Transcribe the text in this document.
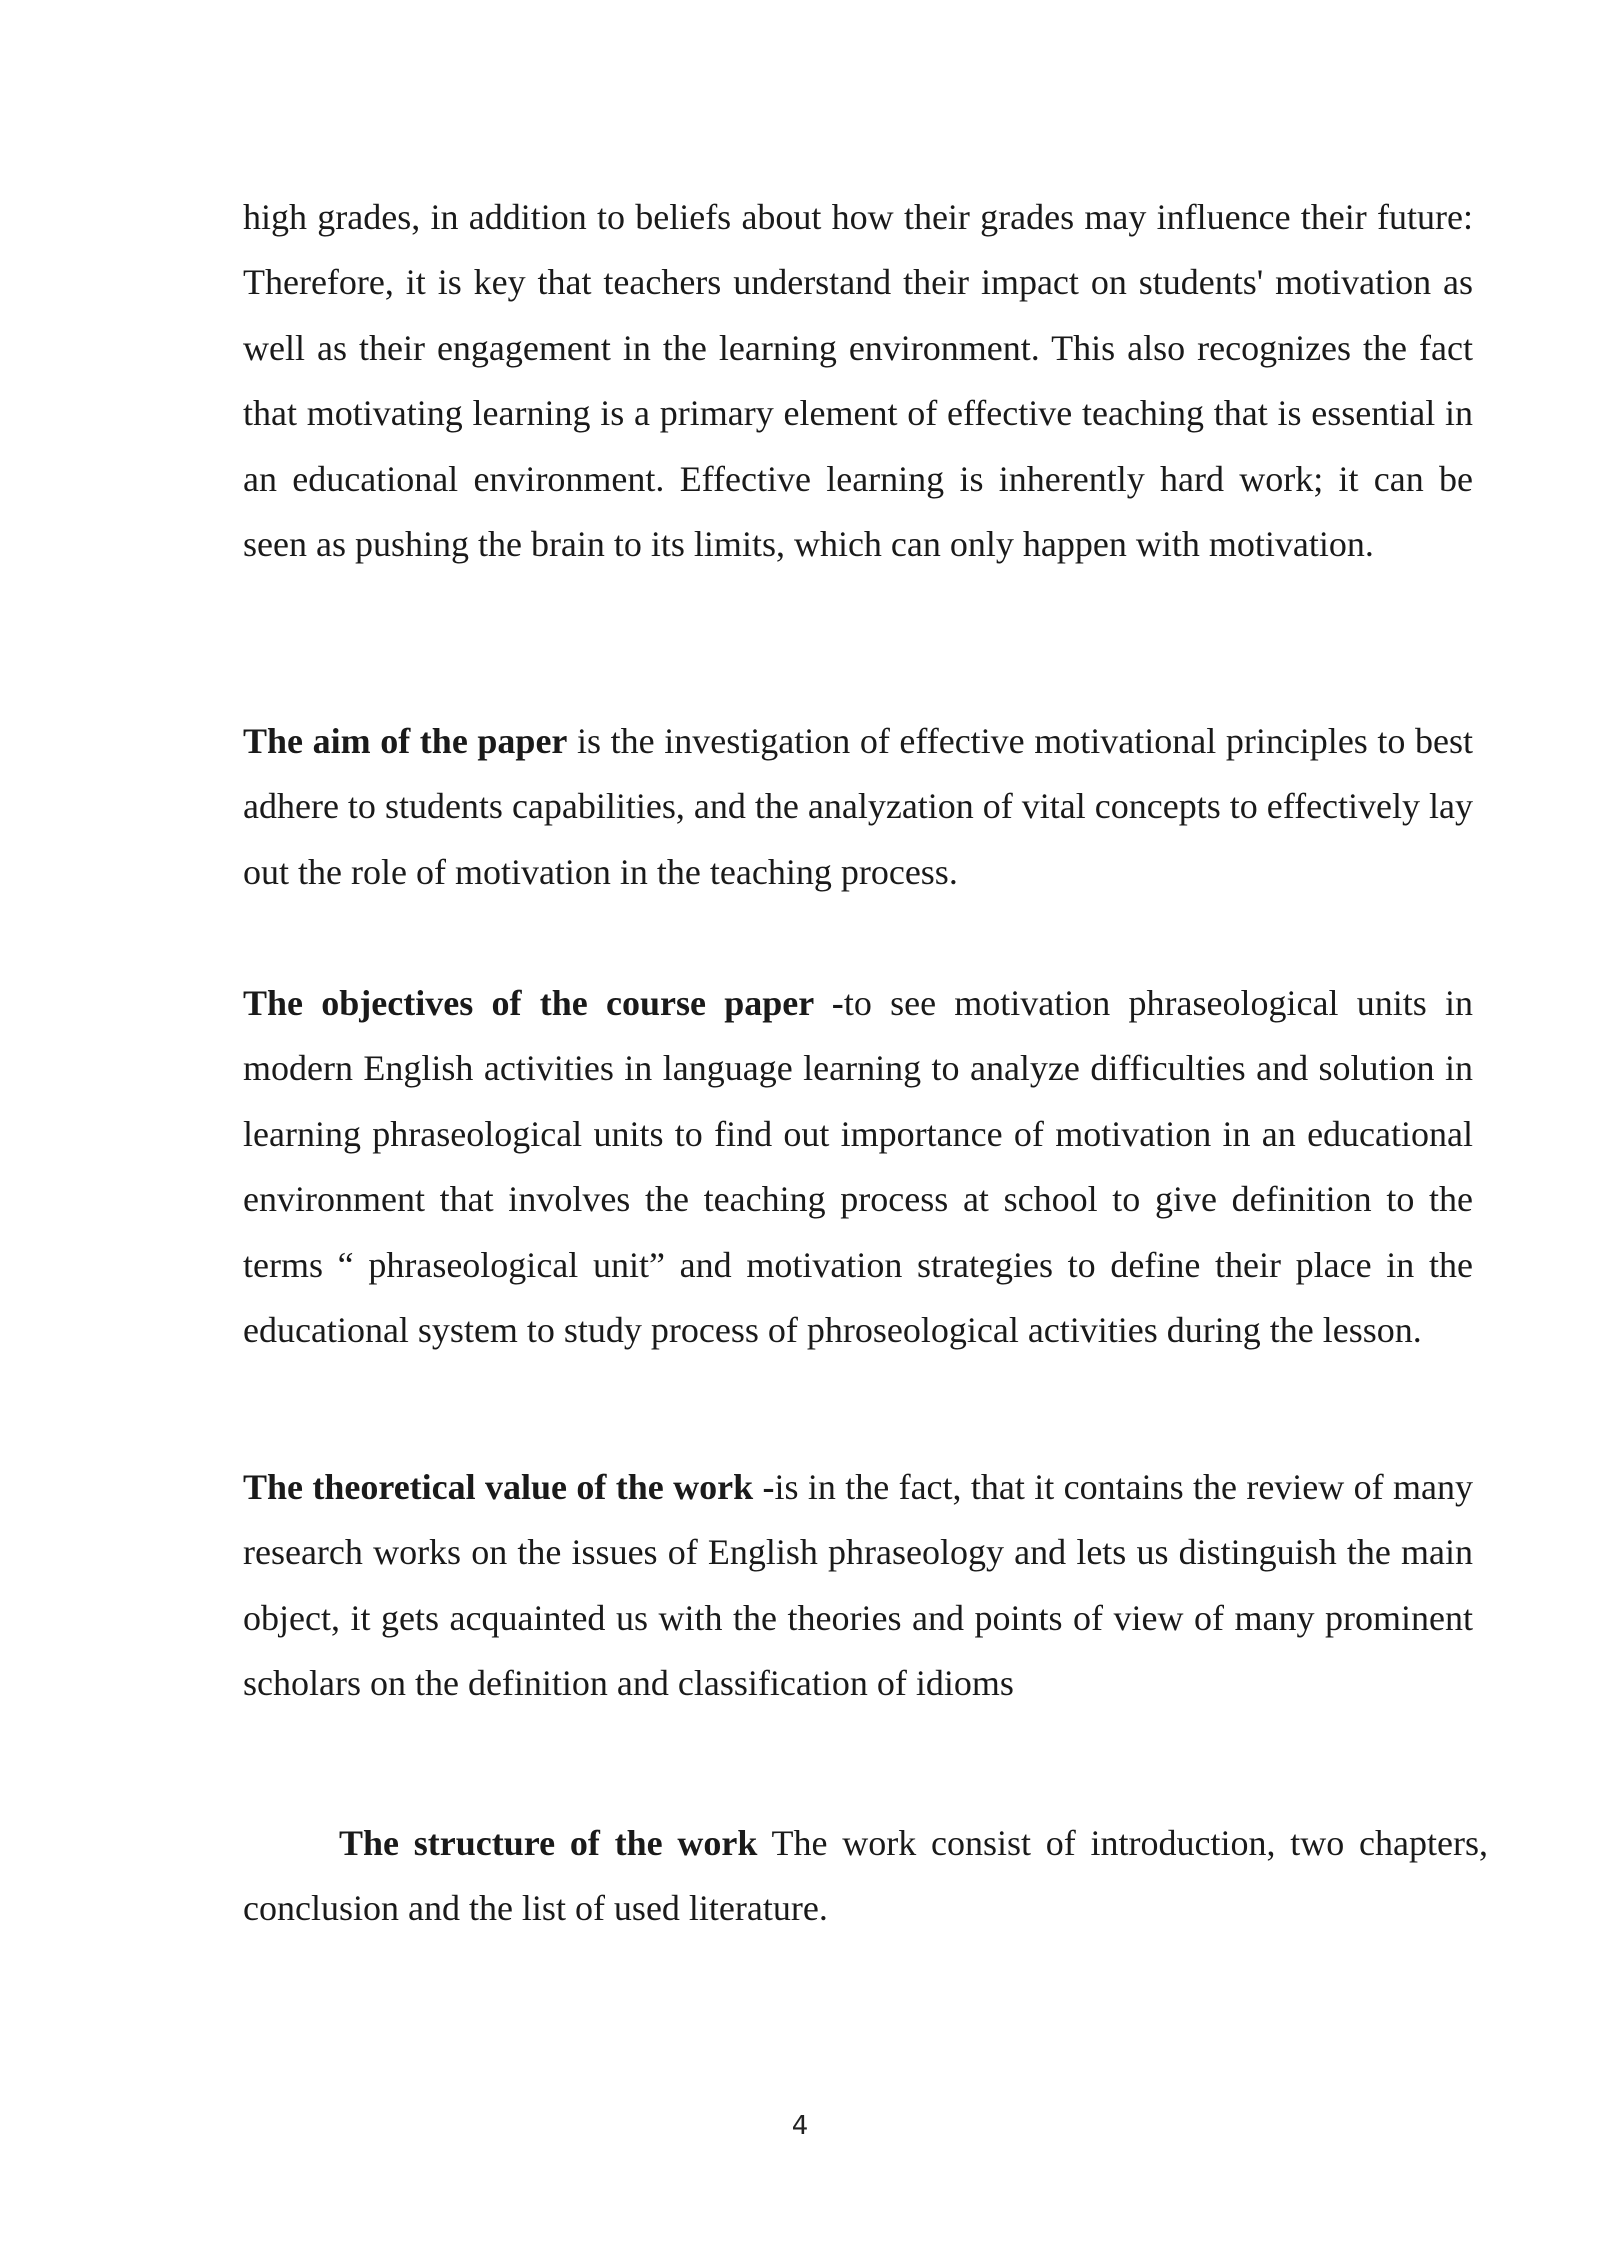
high grades, in addition to beliefs about how their grades may influence their future: Therefore, it is key that teachers understand their impact on students' motivation as well as their engagement in the learning environment. This also recognizes the fact that motivating learning is a primary element of effective teaching that is essential in an educational environment. Effective learning is inherently hard work; it can be seen as pushing the brain to its limits, which can only happen with motivation.

The aim of the paper is the investigation of effective motivational principles to best adhere to students capabilities, and the analyzation of vital concepts to effectively lay out the role of motivation in the teaching process.

The objectives of the course paper -to see motivation phraseological units in modern English activities in language learning to analyze difficulties and solution in learning phraseological units to find out importance of motivation in an educational environment that involves the teaching process at school to give definition to the terms “ phraseological unit” and motivation strategies to define their place in the educational system to study process of phroseological activities during the lesson.

The theoretical value of the work -is in the fact, that it contains the review of many research works on the issues of English phraseology and lets us distinguish the main object, it gets acquainted us with the theories and points of view of many prominent scholars on the definition and classification of idioms

The structure of the work The work consist of introduction, two chapters, conclusion and the list of used literature.

4
